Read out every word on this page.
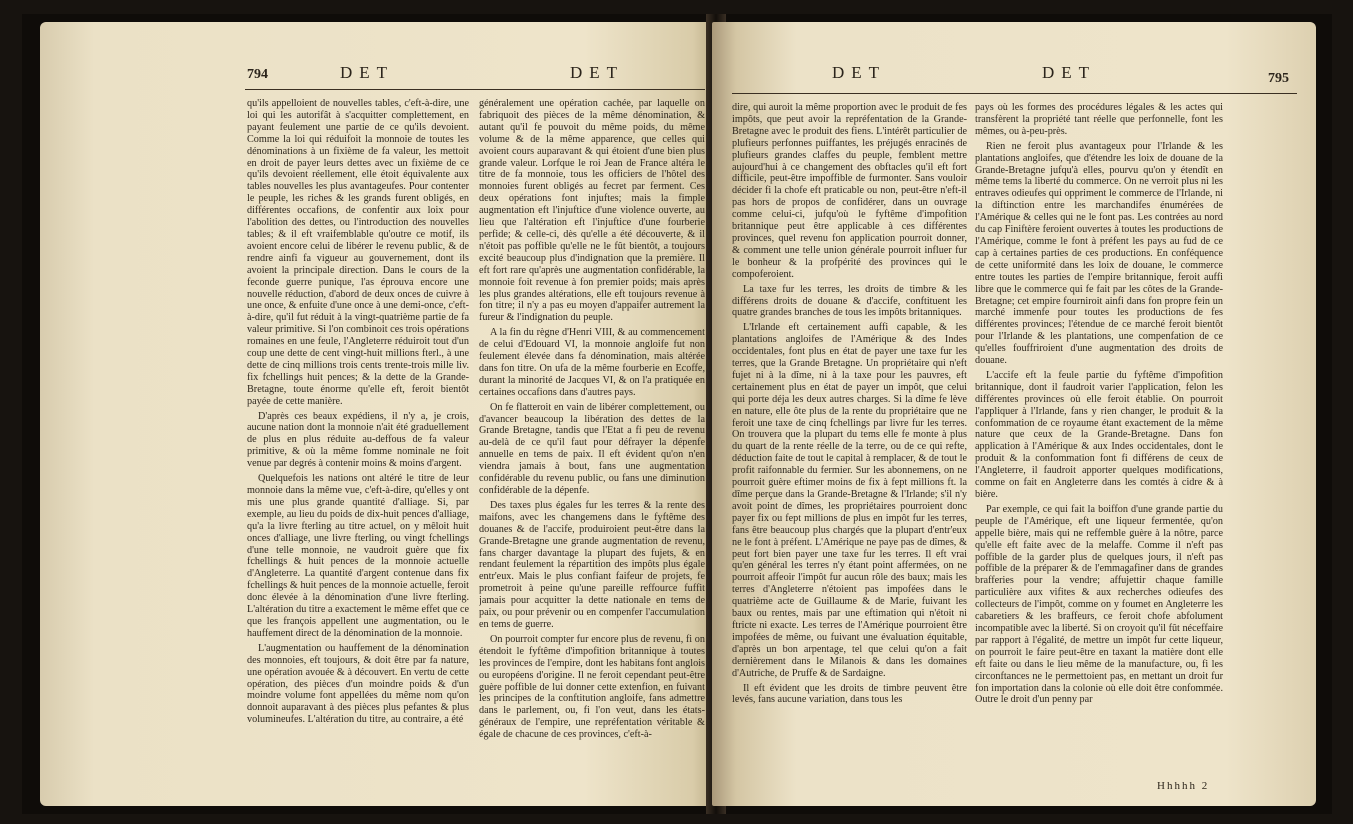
794	DET	DET

qu'ils appelloient de nouvelles tables, c'eft-à-dire, une loi qui les autorifât à s'acquitter complettement, en payant feulement une partie de ce qu'ils devoient. Comme la loi qui réduifoit la monnoie de toutes les dénominations à un fixième de fa valeur, les mettoit en droit de payer leurs dettes avec un fixième de ce qu'ils devoient réellement, elle étoit équivalente aux tables nouvelles les plus avantageufes. Pour contenter le peuple, les riches & les grands furent obligés, en différentes occafions, de confentir aux loix pour l'abolition des dettes, ou l'introduction des nouvelles tables; & il eft vraifemblable qu'outre ce motif, ils avoient encore celui de libérer le revenu public, & de rendre ainfi fa vigueur au gouvernement, dont ils avoient la principale direction. Dans le cours de la feconde guerre punique, l'as éprouva encore une nouvelle réduction, d'abord de deux onces de cuivre à une once, & enfuite d'une once à une demi-once, c'eft-à-dire, qu'il fut réduit à la vingt-quatrième partie de fa valeur primitive. Si l'on combinoit ces trois opérations romaines en une feule, l'Angleterre réduiroit tout d'un coup une dette de cent vingt-huit millions fterl., à une dette de cinq millions trois cents trente-trois mille liv. fix fchellings huit pences; & la dette de la Grande-Bretagne, toute énorme qu'elle eft, feroit bientôt payée de cette manière.

D'après ces beaux expédiens, il n'y a, je crois, aucune nation dont la monnoie n'ait été graduellement de plus en plus réduite au-deffous de fa valeur primitive, & où la même fomme nominale ne foit venue par degrés à contenir moins & moins d'argent.

Quelquefois les nations ont altéré le titre de leur monnoie dans la même vue, c'eft-à-dire, qu'elles y ont mis une plus grande quantité d'alliage. Si, par exemple, au lieu du poids de dix-huit pences d'alliage, qu'a la livre fterling au titre actuel, on y mêloit huit onces d'alliage, une livre fterling, ou vingt fchellings d'une telle monnoie, ne vaudroit guère que fix fchellings & huit pences de la monnoie actuelle d'Angleterre. La quantité d'argent contenue dans fix fchellings & huit pences de la monnoie actuelle, feroit donc élevée à la dénomination d'une livre fterling. L'altération du titre a exactement le même effet que ce que les françois appellent une augmentation, ou le hauffement direct de la dénomination de la monnoie.

L'augmentation ou hauffement de la dénomination des monnoies, eft toujours, & doit être par fa nature, une opération avouée & à découvert. En vertu de cette opération, des pièces d'un moindre poids & d'un moindre volume font appellées du même nom qu'on donnoit auparavant à des pièces plus pefantes & plus volumineufes. L'altération du titre, au contraire, a été

généralement une opération cachée, par laquelle on fabriquoit des pièces de la même dénomination, & autant qu'il fe pouvoit du même poids, du même volume & de la même apparence, que celles qui avoient cours auparavant & qui étoient d'une bien plus grande valeur. Lorfque le roi Jean de France altéra le titre de fa monnoie, tous les officiers de l'hôtel des monnoies furent obligés au fecret par ferment. Ces deux opérations font injuftes; mais la fimple augmentation eft l'injuftice d'une violence ouverte, au lieu que l'altération eft l'injuftice d'une fourberie perfide; & celle-ci, dès qu'elle a été découverte, & il n'étoit pas poffible qu'elle ne le fût bientôt, a toujours excité beaucoup plus d'indignation que la première. Il eft fort rare qu'après une augmentation confidérable, la monnoie foit revenue à fon premier poids; mais après les plus grandes altérations, elle eft toujours revenue à fon titre; il n'y a pas eu moyen d'appaifer autrement la fureur & l'indignation du peuple.

A la fin du règne d'Henri VIII, & au commencement de celui d'Edouard VI, la monnoie angloife fut non feulement élevée dans fa dénomination, mais altérée dans fon titre. On ufa de la même fourberie en Ecoffe, durant la minorité de Jacques VI, & on l'a pratiquée en certaines occafions dans d'autres pays.

On fe flatteroit en vain de libérer complettement, ou d'avancer beaucoup la libération des dettes de la Grande Bretagne, tandis que l'Etat a fi peu de revenu au-delà de ce qu'il faut pour défrayer la dépenfe annuelle en tems de paix. Il eft évident qu'on n'en viendra jamais à bout, fans une augmentation confidérable du revenu public, ou fans une diminution confidérable de la dépenfe.

Des taxes plus égales fur les terres & la rente des maifons, avec les changemens dans le fyftême des douanes & de l'accife, produiroient peut-être dans la Grande-Bretagne une grande augmentation de revenu, fans charger davantage la plupart des fujets, & en rendant feulement la répartition des impôts plus égale entr'eux. Mais le plus confiant faifeur de projets, fe prometroit à peine qu'une pareille reffource fuffit jamais pour acquitter la dette nationale en tems de paix, ou pour prévenir ou en compenfer l'accumulation en tems de guerre.

On pourroit compter fur encore plus de revenu, fi on étendoit le fyftême d'impofition britannique à toutes les provinces de l'empire, dont les habitans font anglois ou européens d'origine. Il ne feroit cependant peut-être guère poffible de lui donner cette extenfion, en fuivant les principes de la conftitution angloife, fans admettre dans le parlement, ou, fi l'on veut, dans les états-généraux de l'empire, une repréfentation véritable & égale de chacune de ces provinces, c'eft-à-

DET	DET	795

dire, qui auroit la même proportion avec le produit de fes impôts, que peut avoir la repréfentation de la Grande-Bretagne avec le produit des fiens. L'intérêt particulier de plufieurs perfonnes puiffantes, les préjugés enracinés de plufieurs grandes claffes du peuple, femblent mettre aujourd'hui à ce changement des obftacles qu'il eft fort difficile, peut-être impoffible de furmonter. Sans vouloir décider fi la chofe eft praticable ou non, peut-être n'eft-il pas hors de propos de confidérer, dans un ouvrage comme celui-ci, jufqu'où le fyftême d'impofition britannique peut être applicable à ces différentes provinces, quel revenu fon application pourroit donner, & comment une telle union générale pourroit influer fur le bonheur & la profpérité des provinces qui le compoferoient.

La taxe fur les terres, les droits de timbre & les différens droits de douane & d'accife, conftituent les quatre grandes branches de tous les impôts britanniques.

L'Irlande eft certainement auffi capable, & les plantations angloifes de l'Amérique & des Indes occidentales, font plus en état de payer une taxe fur les terres, que la Grande Bretagne. Un propriétaire qui n'eft fujet ni à la dîme, ni à la taxe pour les pauvres, eft certainement plus en état de payer un impôt, que celui qui porte déja les deux autres charges. Si la dîme fe lève en nature, elle ôte plus de la rente du propriétaire que ne feroit une taxe de cinq fchellings par livre fur les terres. On trouvera que la plupart du tems elle fe monte à plus du quart de la rente réelle de la terre, ou de ce qui refte, déduction faite de tout le capital à remplacer, & de tout le profit raifonnable du fermier. Sur les abonnemens, on ne pourroit guère eftimer moins de fix à fept millions ft. la dîme perçue dans la Grande-Bretagne & l'Irlande; s'il n'y avoit point de dîmes, les propriétaires pourroient donc payer fix ou fept millions de plus en impôt fur les terres, fans être beaucoup plus chargés que la plupart d'entr'eux ne le font à préfent. L'Amérique ne paye pas de dîmes, & peut fort bien payer une taxe fur les terres. Il eft vrai qu'en général les terres n'y étant point affermées, on ne pourroit affeoir l'impôt fur aucun rôle des baux; mais les terres d'Angleterre n'étoient pas impofées dans le quatrième acte de Guillaume & de Marie, fuivant les baux ou rentes, mais par une eftimation qui n'étoit ni ftricte ni exacte. Les terres de l'Amérique pourroient être impofées de même, ou fuivant une évaluation équitable, d'après un bon arpentage, tel que celui qu'on a fait dernièrement dans le Milanois & dans les domaines d'Autriche, de Pruffe & de Sardaigne.

Il eft évident que les droits de timbre peuvent être levés, fans aucune variation, dans tous les

pays où les formes des procédures légales & les actes qui transfèrent la propriété tant réelle que perfonnelle, font les mêmes, ou à-peu-près.

Rien ne feroit plus avantageux pour l'Irlande & les plantations angloifes, que d'étendre les loix de douane de la Grande-Bretagne jufqu'à elles, pourvu qu'on y étendît en même tems la liberté du commerce. On ne verroit plus ni les entraves odieufes qui oppriment le commerce de l'Irlande, ni la diftinction entre les marchandifes énumérées de l'Amérique & celles qui ne le font pas. Les contrées au nord du cap Finiftère feroient ouvertes à toutes les productions de l'Amérique, comme le font à préfent les pays au fud de ce cap à certaines parties de ces productions. En conféquence de cette uniformité dans les loix de douane, le commerce entre toutes les parties de l'empire britannique, feroit auffi libre que le commerce qui fe fait par les côtes de la Grande-Bretagne; cet empire fourniroit ainfi dans fon propre fein un marché immenfe pour toutes les productions de fes différentes provinces; l'étendue de ce marché feroit bientôt pour l'Irlande & les plantations, une compenfation de ce qu'elles fouffriroient d'une augmentation des droits de douane.

L'accife eft la feule partie du fyftême d'impofition britannique, dont il faudroit varier l'application, felon les différentes provinces où elle feroit établie. On pourroit l'appliquer à l'Irlande, fans y rien changer, le produit & la confommation de ce royaume étant exactement de la même nature que ceux de la Grande-Bretagne. Dans fon application à l'Amérique & aux Indes occidentales, dont le produit & la confommation font fi différens de ceux de l'Angleterre, il faudroit apporter quelques modifications, comme on fait en Angleterre dans les comtés à cidre & à bière.

Par exemple, ce qui fait la boiffon d'une grande partie du peuple de l'Amérique, eft une liqueur fermentée, qu'on appelle bière, mais qui ne reffemble guère à la nôtre, parce qu'elle eft faite avec de la melaffe. Comme il n'eft pas poffible de la garder plus de quelques jours, il n'eft pas poffible de la préparer & de l'emmagafiner dans de grandes brafferies pour la vendre; affujettir chaque famille particulière aux vifites & aux recherches odieufes des collecteurs de l'impôt, comme on y foumet en Angleterre les cabaretiers & les braffeurs, ce feroit chofe abfolument incompatible avec la liberté. Si on croyoit qu'il fût néceffaire par rapport à l'égalité, de mettre un impôt fur cette liqueur, on pourroit le faire peut-être en taxant la matière dont elle eft faite ou dans le lieu même de la manufacture, ou, fi les circonftances ne le permettoient pas, en mettant un droit fur fon importation dans la colonie où elle doit être confommée. Outre le droit d'un penny par

Hhhhh 2
